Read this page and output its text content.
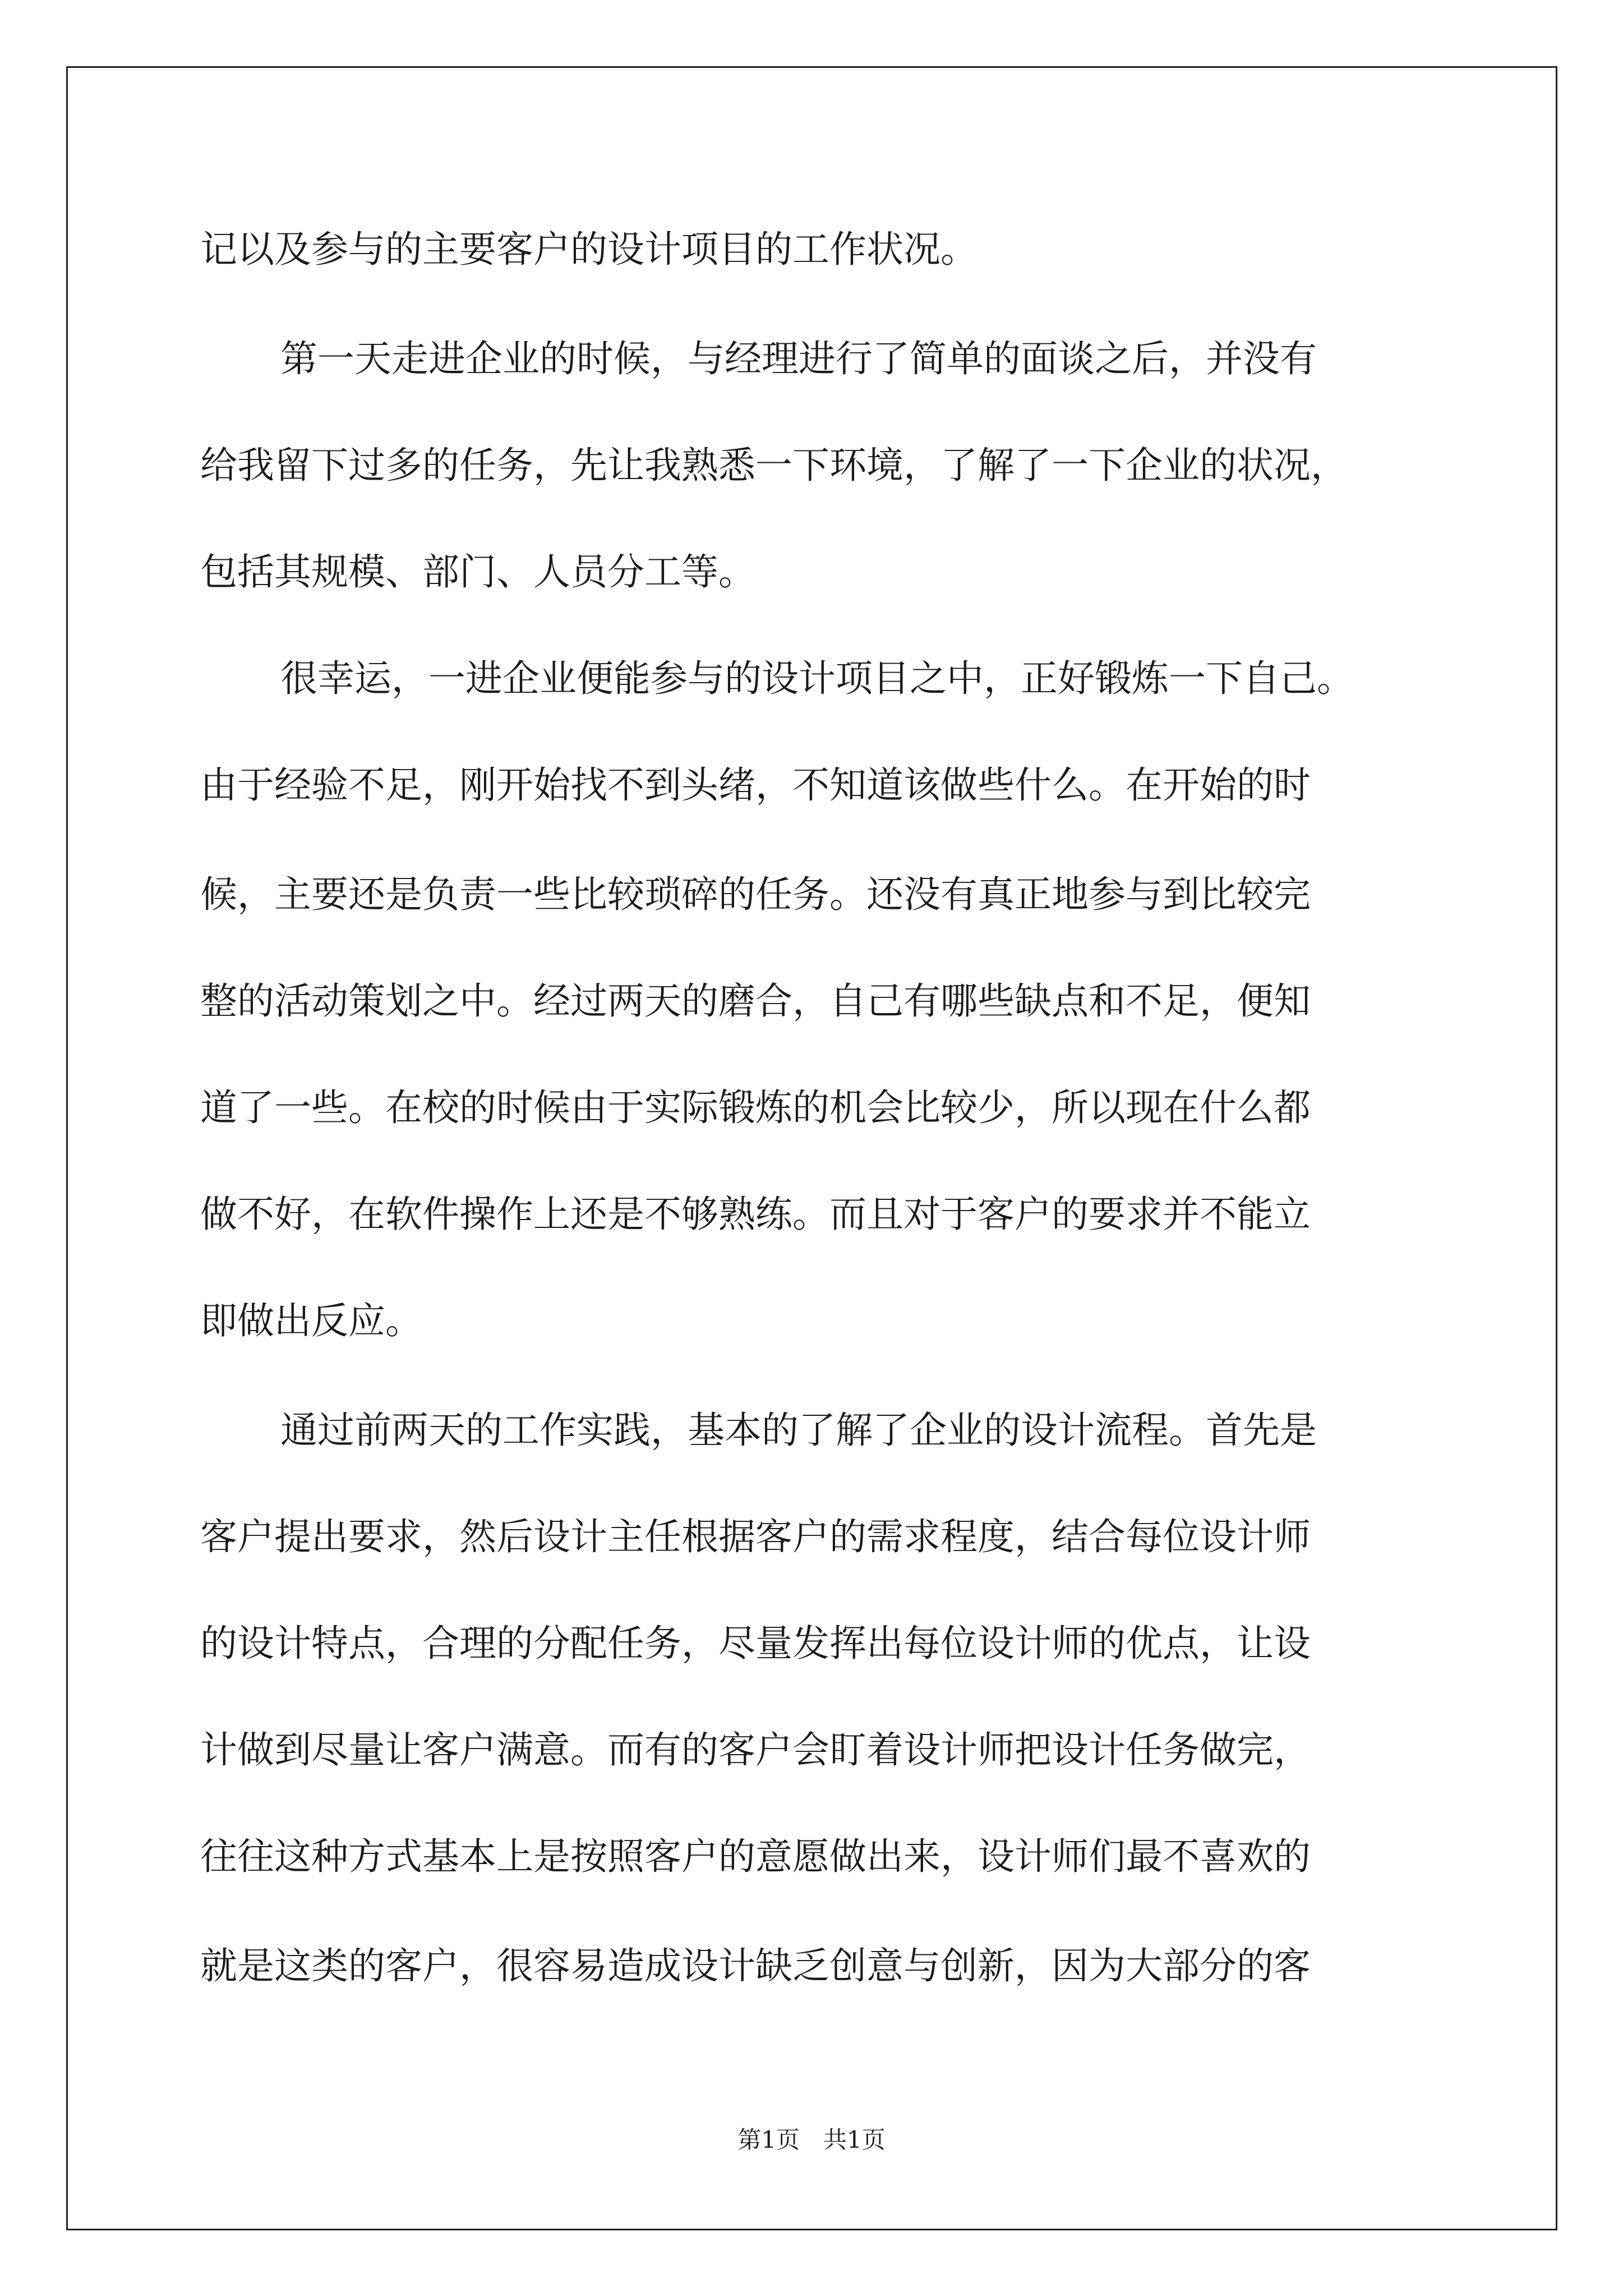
记以及参与的主要客户的设计项目的工作状况。

第一天走进企业的时候，与经理进行了简单的面谈之后，并没有

给我留下过多的任务，先让我熟悉一下环境，了解了一下企业的状况，

包括其规模、部门、人员分工等。

很幸运，一进企业便能参与的设计项目之中，正好锻炼一下自己。

由于经验不足，刚开始找不到头绪，不知道该做些什么。在开始的时

候，主要还是负责一些比较琐碎的任务。还没有真正地参与到比较完

整的活动策划之中。经过两天的磨合，自己有哪些缺点和不足，便知

道了一些。在校的时候由于实际锻炼的机会比较少，所以现在什么都

做不好，在软件操作上还是不够熟练。而且对于客户的要求并不能立

即做出反应。

通过前两天的工作实践，基本的了解了企业的设计流程。首先是

客户提出要求，然后设计主任根据客户的需求程度，结合每位设计师

的设计特点，合理的分配任务，尽量发挥出每位设计师的优点，让设

计做到尽量让客户满意。而有的客户会盯着设计师把设计任务做完，

往往这种方式基本上是按照客户的意愿做出来，设计师们最不喜欢的

就是这类的客户，很容易造成设计缺乏创意与创新，因为大部分的客

第1页　共1页
